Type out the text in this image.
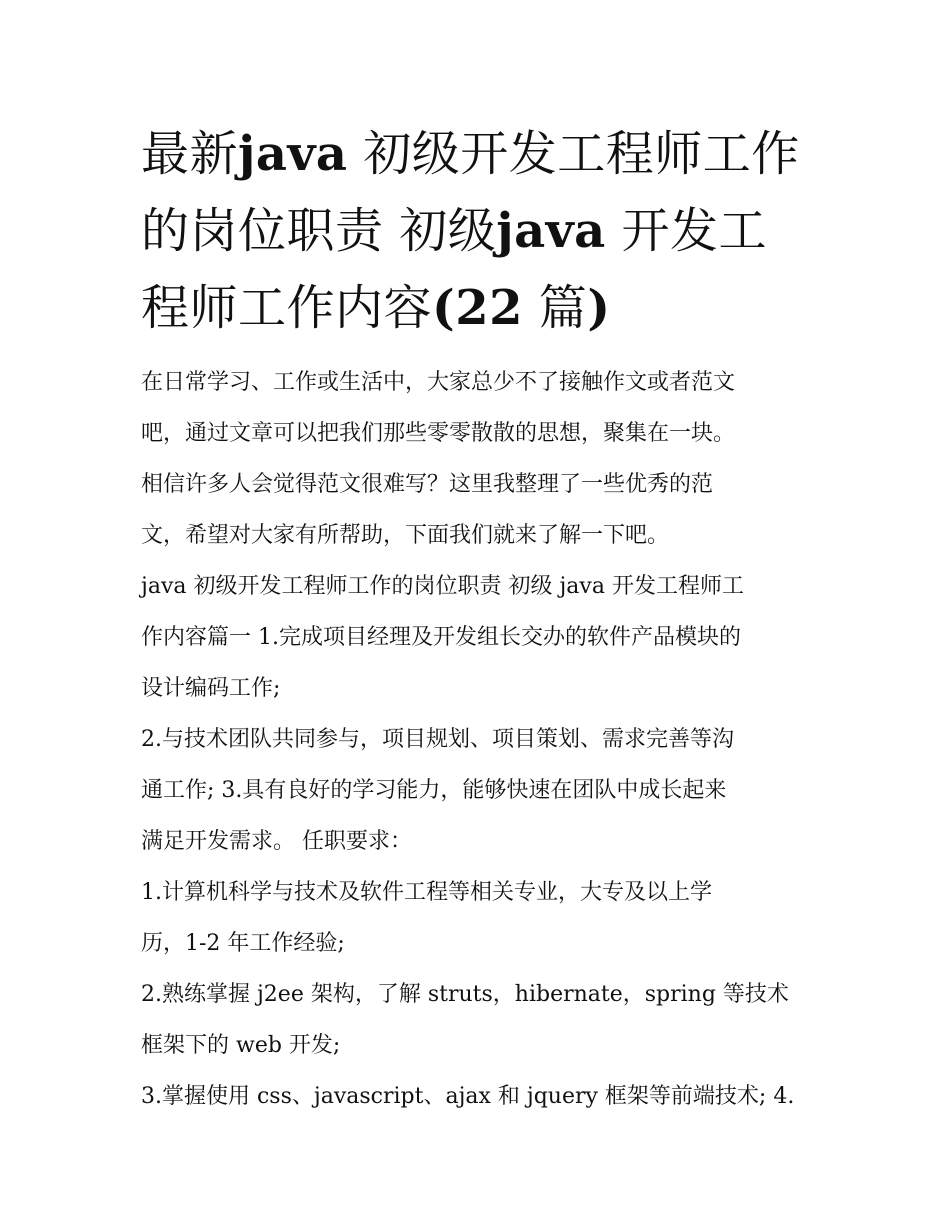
最新java 初级开发工程师工作
的岗位职责 初级java 开发工
程师工作内容(22 篇)

在日常学习、工作或生活中，大家总少不了接触作文或者范文
吧，通过文章可以把我们那些零零散散的思想，聚集在一块。
相信许多人会觉得范文很难写？这里我整理了一些优秀的范
文，希望对大家有所帮助，下面我们就来了解一下吧。

java 初级开发工程师工作的岗位职责 初级 java 开发工程师工
作内容篇一 1.完成项目经理及开发组长交办的软件产品模块的
设计编码工作;

2.与技术团队共同参与，项目规划、项目策划、需求完善等沟
通工作; 3.具有良好的学习能力，能够快速在团队中成长起来
满足开发需求。 任职要求：

1.计算机科学与技术及软件工程等相关专业，大专及以上学
历，1-2 年工作经验;

2.熟练掌握 j2ee 架构，了解 struts，hibernate，spring 等技术
框架下的 web 开发;

3.掌握使用 css、javascript、ajax 和 jquery 框架等前端技术; 4.
